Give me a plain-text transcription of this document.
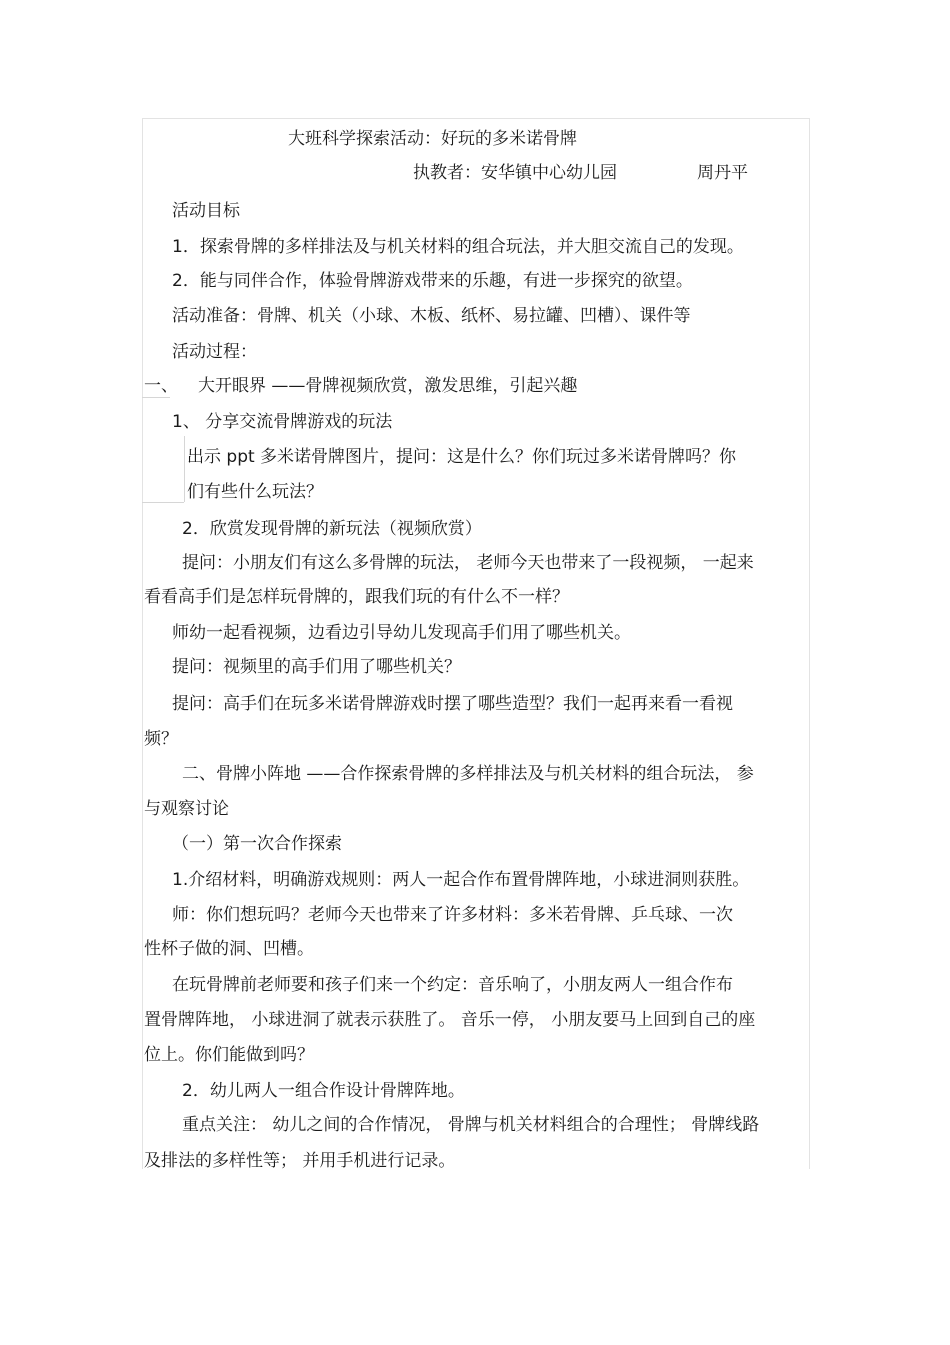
大班科学探索活动：好玩的多米诺骨牌
执教者：安华镇中心幼儿园	周丹平
活动目标
1．探索骨牌的多样排法及与机关材料的组合玩法，并大胆交流自己的发现。
2．能与同伴合作，体验骨牌游戏带来的乐趣，有进一步探究的欲望。
活动准备：骨牌、机关（小球、木板、纸杯、易拉罐、凹槽）、课件等
活动过程：
一、 大开眼界 ——骨牌视频欣赏，激发思维，引起兴趣
1、 分享交流骨牌游戏的玩法
出示 ppt 多米诺骨牌图片，提问：这是什么？你们玩过多米诺骨牌吗？你
们有些什么玩法？
2．欣赏发现骨牌的新玩法（视频欣赏）
提问：小朋友们有这么多骨牌的玩法， 老师今天也带来了一段视频， 一起来
看看高手们是怎样玩骨牌的，跟我们玩的有什么不一样？
师幼一起看视频，边看边引导幼儿发现高手们用了哪些机关。
提问：视频里的高手们用了哪些机关？
提问：高手们在玩多米诺骨牌游戏时摆了哪些造型？我们一起再来看一看视
频？
二、骨牌小阵地 ——合作探索骨牌的多样排法及与机关材料的组合玩法， 参
与观察讨论
（一）第一次合作探索
1.介绍材料，明确游戏规则：两人一起合作布置骨牌阵地，小球进洞则获胜。
师：你们想玩吗？老师今天也带来了许多材料：多米若骨牌、乒乓球、一次
性杯子做的洞、凹槽。
在玩骨牌前老师要和孩子们来一个约定：音乐响了，小朋友两人一组合作布
置骨牌阵地， 小球进洞了就表示获胜了。 音乐一停， 小朋友要马上回到自己的座
位上。你们能做到吗？
2．幼儿两人一组合作设计骨牌阵地。
重点关注： 幼儿之间的合作情况， 骨牌与机关材料组合的合理性； 骨牌线路
及排法的多样性等； 并用手机进行记录。
